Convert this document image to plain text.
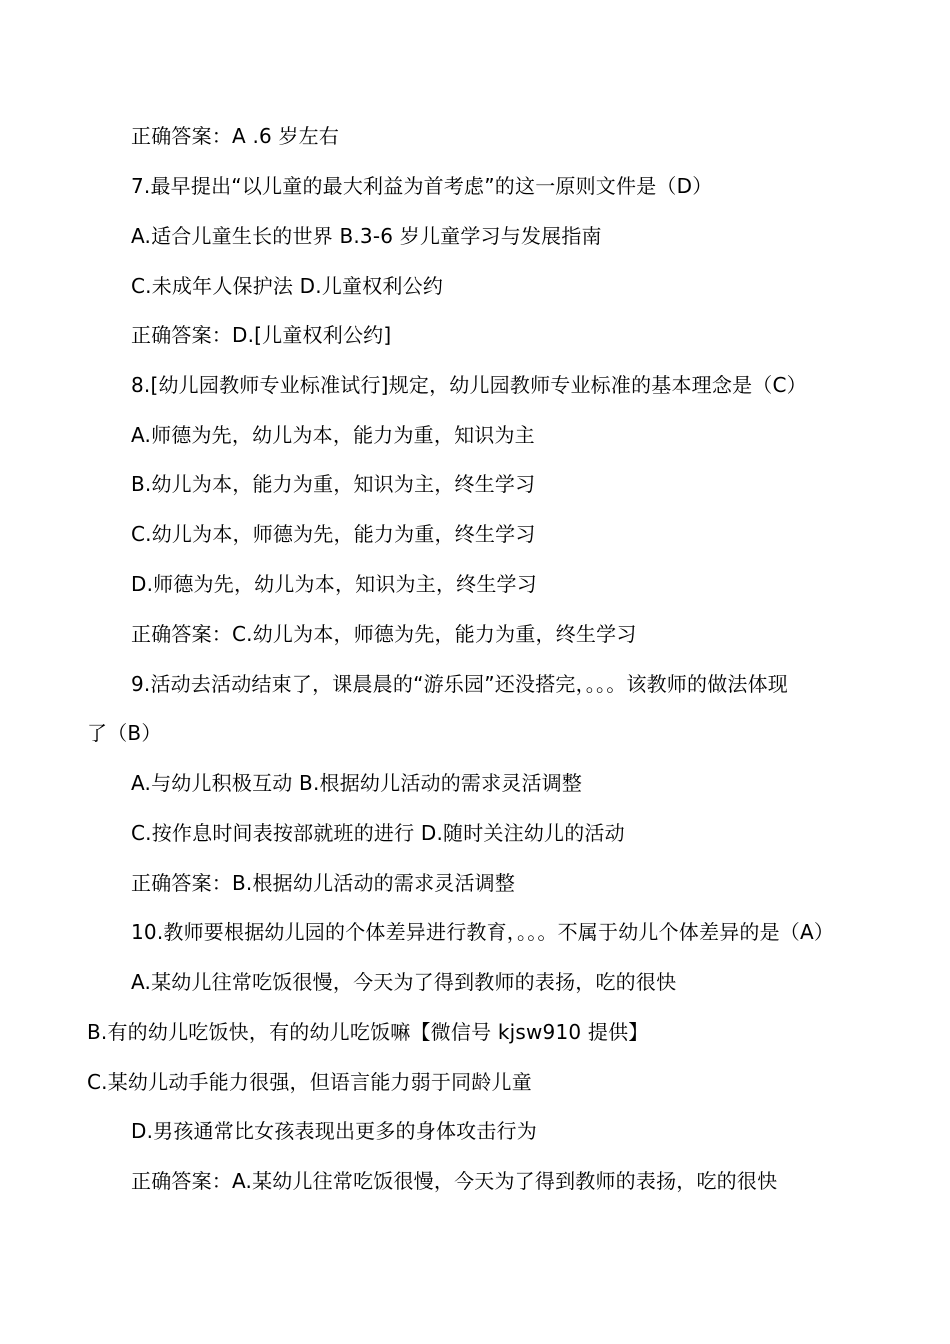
正确答案：A .6 岁左右
7.最早提出“以儿童的最大利益为首考虑”的这一原则文件是（D）
A.适合儿童生长的世界 B.3-6 岁儿童学习与发展指南
C.未成年人保护法 D.儿童权利公约
正确答案：D.[儿童权利公约]
8.[幼儿园教师专业标准试行]规定，幼儿园教师专业标准的基本理念是（C）
A.师德为先，幼儿为本，能力为重，知识为主
B.幼儿为本，能力为重，知识为主，终生学习
C.幼儿为本，师德为先，能力为重，终生学习
D.师德为先，幼儿为本，知识为主，终生学习
正确答案：C.幼儿为本，师德为先，能力为重，终生学习
9.活动去活动结束了，课晨晨的“游乐园”还没搭完，。。。该教师的做法体现
了（B）
A.与幼儿积极互动 B.根据幼儿活动的需求灵活调整
C.按作息时间表按部就班的进行 D.随时关注幼儿的活动
正确答案：B.根据幼儿活动的需求灵活调整
10.教师要根据幼儿园的个体差异进行教育，。。。不属于幼儿个体差异的是（A）
A.某幼儿往常吃饭很慢，今天为了得到教师的表扬，吃的很快
B.有的幼儿吃饭快，有的幼儿吃饭嘛【微信号 kjsw910 提供】
C.某幼儿动手能力很强，但语言能力弱于同龄儿童
D.男孩通常比女孩表现出更多的身体攻击行为
正确答案：A.某幼儿往常吃饭很慢，今天为了得到教师的表扬，吃的很快
